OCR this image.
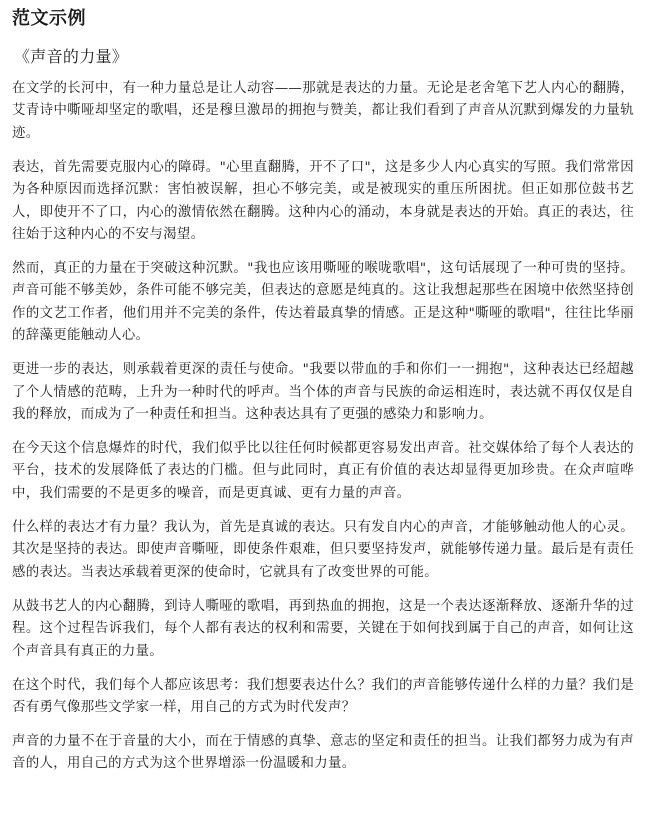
范文示例
《声音的力量》

在文学的长河中，有一种力量总是让人动容——那就是表达的力量。无论是老舍笔下艺人内心的翻腾，艾青诗中嘶哑却坚定的歌唱，还是穆旦激昂的拥抱与赞美，都让我们看到了声音从沉默到爆发的力量轨迹。

表达，首先需要克服内心的障碍。"心里直翻腾，开不了口"，这是多少人内心真实的写照。我们常常因为各种原因而选择沉默：害怕被误解，担心不够完美，或是被现实的重压所困扰。但正如那位鼓书艺人，即使开不了口，内心的激情依然在翻腾。这种内心的涌动，本身就是表达的开始。真正的表达，往往始于这种内心的不安与渴望。

然而，真正的力量在于突破这种沉默。"我也应该用嘶哑的喉咙歌唱"，这句话展现了一种可贵的坚持。声音可能不够美妙，条件可能不够完美，但表达的意愿是纯真的。这让我想起那些在困境中依然坚持创作的文艺工作者，他们用并不完美的条件，传达着最真挚的情感。正是这种"嘶哑的歌唱"，往往比华丽的辞藻更能触动人心。

更进一步的表达，则承载着更深的责任与使命。"我要以带血的手和你们一一拥抱"，这种表达已经超越了个人情感的范畴，上升为一种时代的呼声。当个体的声音与民族的命运相连时，表达就不再仅仅是自我的释放，而成为了一种责任和担当。这种表达具有了更强的感染力和影响力。

在今天这个信息爆炸的时代，我们似乎比以往任何时候都更容易发出声音。社交媒体给了每个人表达的平台，技术的发展降低了表达的门槛。但与此同时，真正有价值的表达却显得更加珍贵。在众声喧哗中，我们需要的不是更多的噪音，而是更真诚、更有力量的声音。

什么样的表达才有力量？我认为，首先是真诚的表达。只有发自内心的声音，才能够触动他人的心灵。其次是坚持的表达。即使声音嘶哑，即使条件艰难，但只要坚持发声，就能够传递力量。最后是有责任感的表达。当表达承载着更深的使命时，它就具有了改变世界的可能。

从鼓书艺人的内心翻腾，到诗人嘶哑的歌唱，再到热血的拥抱，这是一个表达逐渐释放、逐渐升华的过程。这个过程告诉我们，每个人都有表达的权利和需要，关键在于如何找到属于自己的声音，如何让这个声音具有真正的力量。

在这个时代，我们每个人都应该思考：我们想要表达什么？我们的声音能够传递什么样的力量？我们是否有勇气像那些文学家一样，用自己的方式为时代发声？

声音的力量不在于音量的大小，而在于情感的真挚、意志的坚定和责任的担当。让我们都努力成为有声音的人，用自己的方式为这个世界增添一份温暖和力量。
